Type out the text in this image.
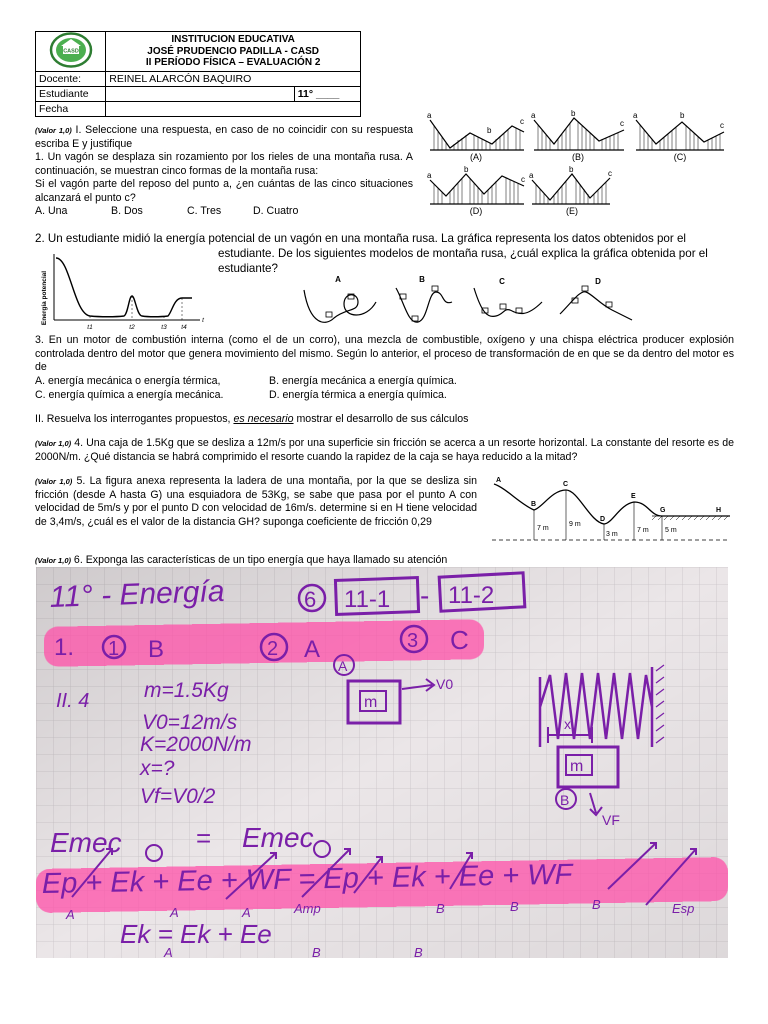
CASD	INSTITUCION EDUCATIVA
JOSÉ PRUDENCIO PADILLA - CASD
II PERÍODO FÍSICA – EVALUACIÓN 2	

Docente:	REINEL ALARCÓN BAQUIRO	
Estudiante		11° ____
Fecha		
(Valor 1,0) I. Seleccione una respuesta, en caso de no coincidir con su respuesta escriba E y justifique
1. Un vagón se desplaza sin rozamiento por los rieles de una montaña rusa. A continuación, se muestran cinco formas de la montaña rusa:
Si el vagón parte del reposo del punto a, ¿en cuántas de las cinco situaciones alcanzará el punto c?
A. Una	B. Dos	C. Tres	D. Cuatro
a
b
c
a	b
c
a	b
c
a
b
c a
b	c
(A)	(B)	(C)
(D)	(E)
2. Un estudiante midió la energía potencial de un vagón en una montaña rusa. La gráfica representa los datos obtenidos por el
estudiante. De los siguientes modelos de montaña rusa, ¿cuál explica la gráfica obtenida por el estudiante?
Energía potencial
t1	t2	t3 t4
t
A	B	C	D
3. En un motor de combustión interna (como el de un corro), una mezcla de combustible, oxígeno y una chispa eléctrica producer explosión controlada dentro del motor que genera movimiento del mismo. Según lo anterior, el proceso de transformación de en que se da dentro del motor es de
A. energía mecánica o energía térmica,	B. energía mecánica a energía química.
C. energía química a energía mecánica.	D. energía térmica a energía química.
II. Resuelva los interrogantes propuestos, es necesario mostrar el desarrollo de sus cálculos
(Valor 1,0) 4. Una caja de 1.5Kg que se desliza a 12m/s por una superficie sin fricción se acerca a un resorte horizontal. La constante del resorte es de 2000N/m. ¿Qué distancia se habrá comprimido el resorte cuando la rapidez de la caja se haya reducido a la mitad?
(Valor 1,0) 5. La figura anexa representa la ladera de una montaña, por la que se desliza sin fricción (desde A hasta G) una esquiadora de 53Kg, se sabe que pasa por el punto A con velocidad de 5m/s y por el punto D con velocidad de 16m/s. determine si en H tiene velocidad de 3,4m/s, ¿cuál es el valor de la distancia GH? suponga coeficiente de fricción 0,29
A
B
C
D
E
G	H
7 m
9 m
3 m
7 m 5 m
(Valor 1,0) 6. Exponga las características de un tipo energía que haya llamado su atención
11° - Energía	6 11-1 - 11-2
1. 1 B	2 A	3 C
II. 4	m=1.5Kg
V0=12m/s
K=2000N/m
x=?
Vf=V0/2
A
m
V0
x
m
B
VF
Emec	= Emec
Ep + Ek + Ee + WF = Ep + Ek + Ee + WF
A	A	A	Amp	B	B	B	Esp
Ek = Ek + Ee
A	B	B
